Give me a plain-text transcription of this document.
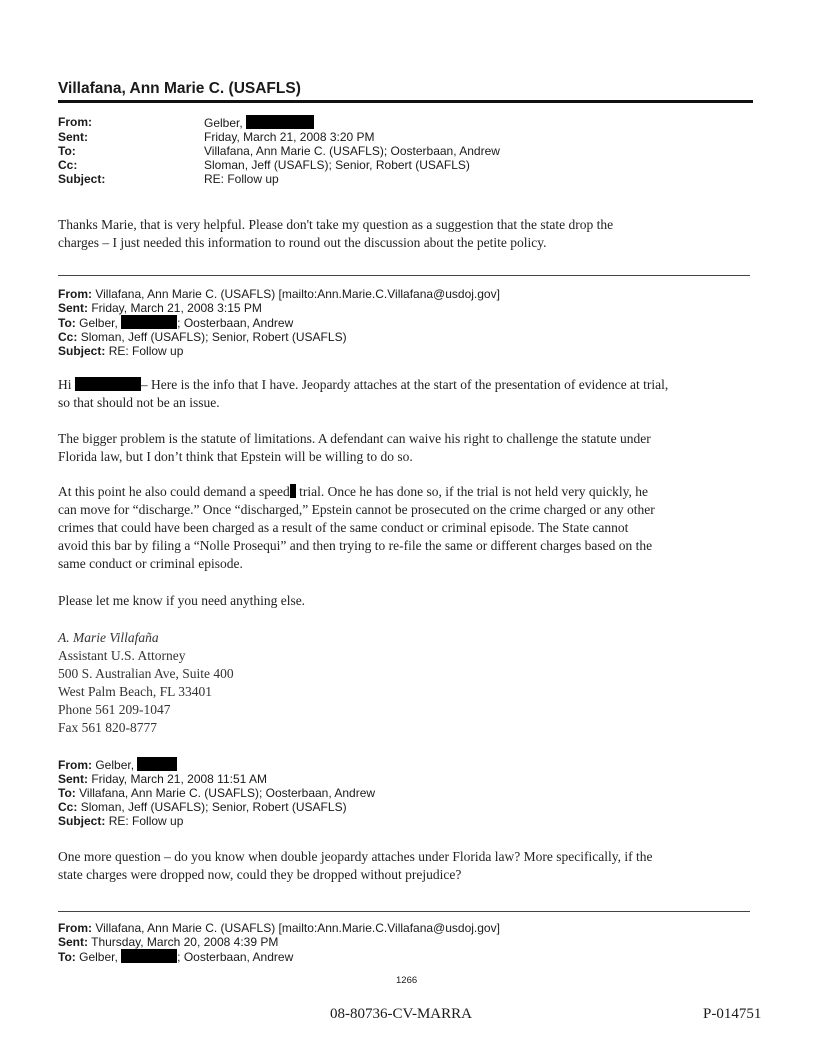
Villafana, Ann Marie C. (USAFLS)
From:	Gelber,
Sent:	Friday, March 21, 2008 3:20 PM
To:	Villafana, Ann Marie C. (USAFLS); Oosterbaan, Andrew
Cc:	Sloman, Jeff (USAFLS); Senior, Robert (USAFLS)
Subject:	RE: Follow up
Thanks Marie, that is very helpful. Please don't take my question as a suggestion that the state drop the
charges – I just needed this information to round out the discussion about the petite policy.
From: Villafana, Ann Marie C. (USAFLS) [mailto:Ann.Marie.C.Villafana@usdoj.gov]
Sent: Friday, March 21, 2008 3:15 PM
To: Gelber,	; Oosterbaan, Andrew
Cc: Sloman, Jeff (USAFLS); Senior, Robert (USAFLS)
Subject: RE: Follow up
Hi	– Here is the info that I have. Jeopardy attaches at the start of the presentation of evidence at trial,
so that should not be an issue.
The bigger problem is the statute of limitations. A defendant can waive his right to challenge the statute under
Florida law, but I don’t think that Epstein will be willing to do so.
At this point he also could demand a speed trial. Once he has done so, if the trial is not held very quickly, he
can move for “discharge.” Once “discharged,” Epstein cannot be prosecuted on the crime charged or any other
crimes that could have been charged as a result of the same conduct or criminal episode. The State cannot
avoid this bar by filing a “Nolle Prosequi” and then trying to re-file the same or different charges based on the
same conduct or criminal episode.
Please let me know if you need anything else.
A. Marie Villafaña
Assistant U.S. Attorney
500 S. Australian Ave, Suite 400
West Palm Beach, FL 33401
Phone 561 209-1047
Fax 561 820-8777
From: Gelber,
Sent: Friday, March 21, 2008 11:51 AM
To: Villafana, Ann Marie C. (USAFLS); Oosterbaan, Andrew
Cc: Sloman, Jeff (USAFLS); Senior, Robert (USAFLS)
Subject: RE: Follow up
One more question – do you know when double jeopardy attaches under Florida law? More specifically, if the
state charges were dropped now, could they be dropped without prejudice?
From: Villafana, Ann Marie C. (USAFLS) [mailto:Ann.Marie.C.Villafana@usdoj.gov]
Sent: Thursday, March 20, 2008 4:39 PM
To: Gelber,	; Oosterbaan, Andrew
1266
08-80736-CV-MARRA	P-014751
